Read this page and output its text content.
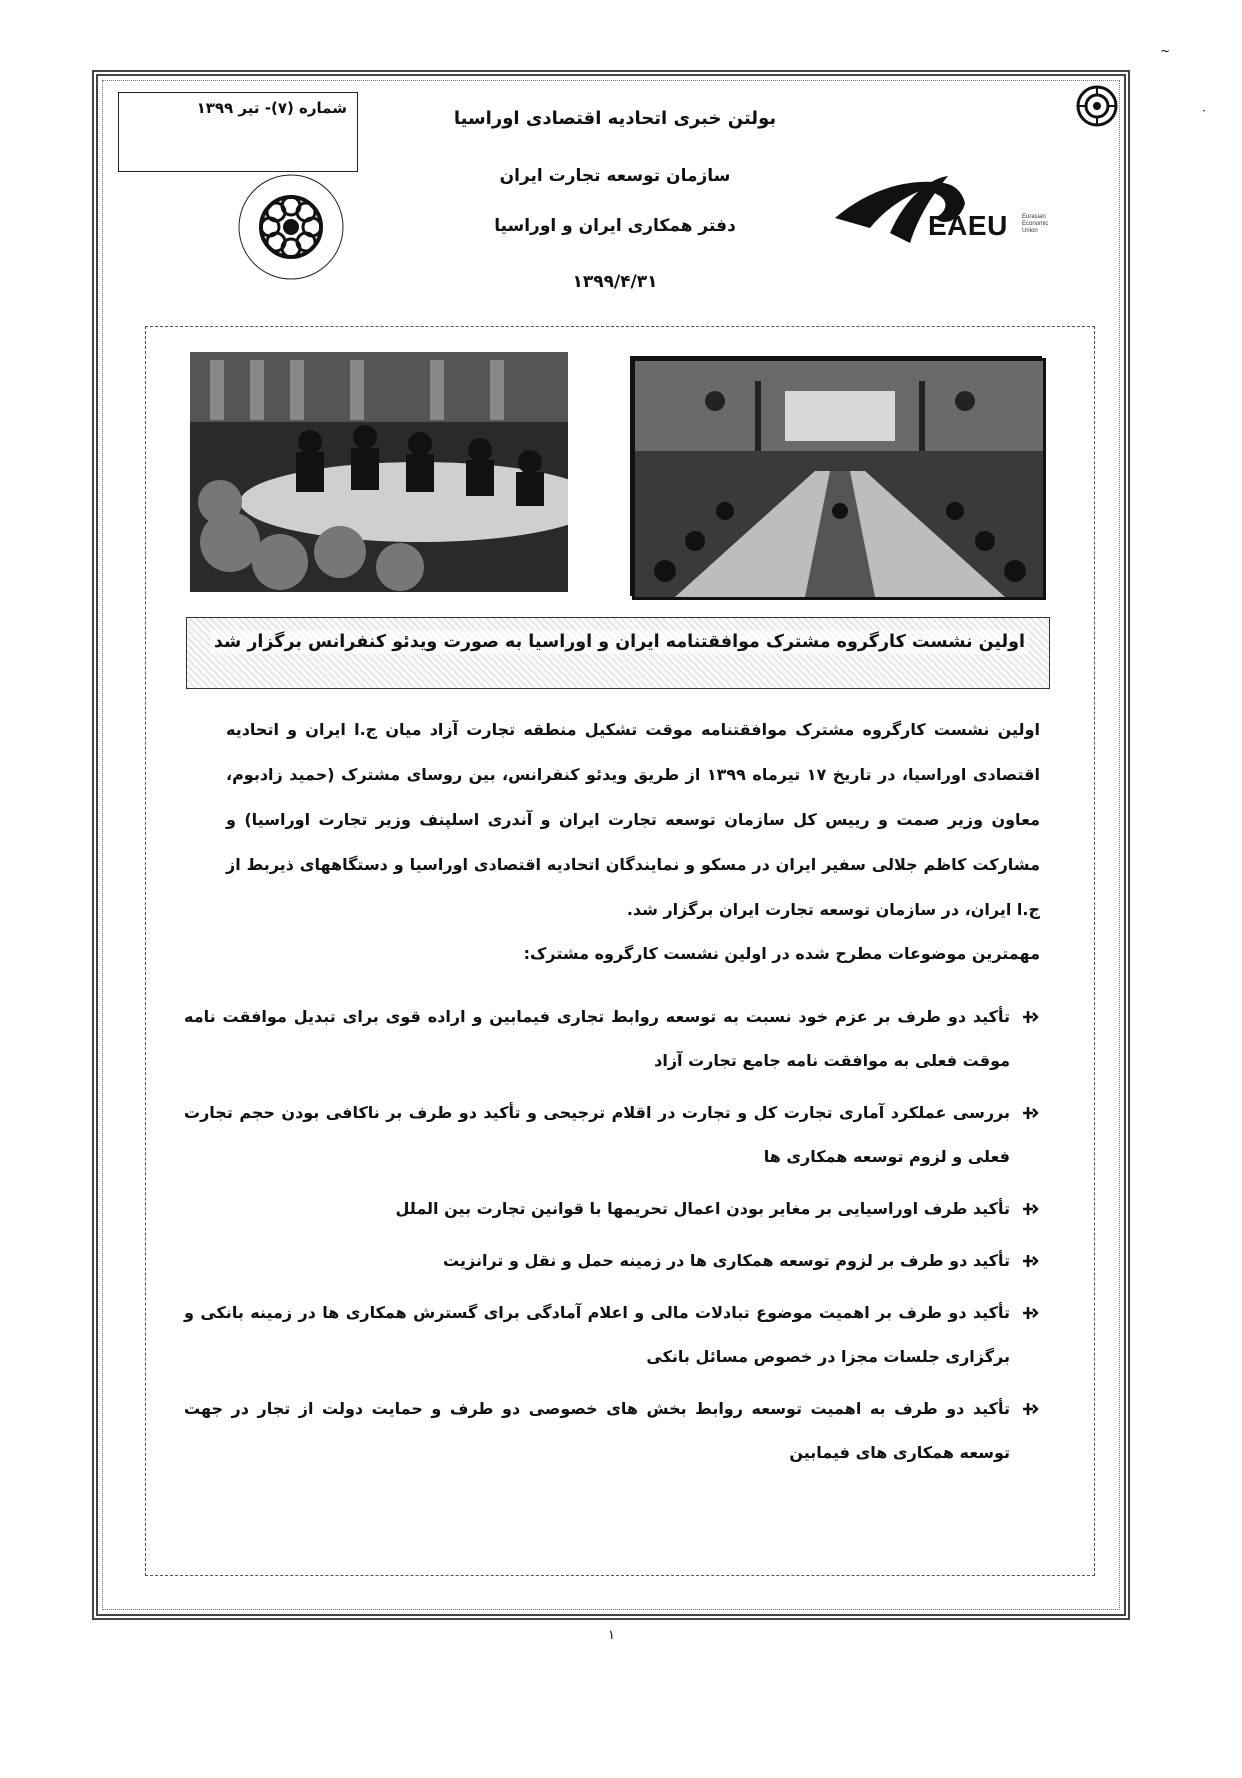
~
·
شماره (۷)- تیر ۱۳۹۹
EAEU Eurasian
Economic
Union
بولتن خبری اتحادیه اقتصادی اوراسیا
سازمان توسعه تجارت ایران
دفتر همکاری ایران و اوراسیا
۱۳۹۹/۴/۳۱
اولین نشست کارگروه مشترک موافقتنامه ایران و اوراسیا به صورت ویدئو کنفرانس برگزار شد
اولین نشست کارگروه مشترک موافقتنامه موقت تشکیل منطقه تجارت آزاد میان ج.ا ایران و اتحادیه اقتصادی اوراسیا، در تاریخ ۱۷ تیرماه ۱۳۹۹ از طریق ویدئو کنفرانس، بین روسای مشترک (حمید زادبوم، معاون وزیر صمت و رییس کل سازمان توسعه تجارت ایران و آندری اسلپنف وزیر تجارت اوراسیا) و مشارکت کاظم جلالی سفیر ایران در مسکو و نمایندگان اتحادیه اقتصادی اوراسیا و دستگاههای ذیربط از ج.ا ایران، در سازمان توسعه تجارت ایران برگزار شد.
مهمترین موضوعات مطرح شده در اولین نشست کارگروه مشترک:
تأکید دو طرف بر عزم خود نسبت به توسعه روابط تجاری فیمابین و اراده قوی برای تبدیل موافقت نامه موقت فعلی به موافقت نامه جامع تجارت آزاد
بررسی عملکرد آماری تجارت کل و تجارت در اقلام ترجیحی و تأکید دو طرف بر ناکافی بودن حجم تجارت فعلی و لزوم توسعه همکاری ها
تأکید طرف اوراسیایی بر مغایر بودن اعمال تحریمها با قوانین تجارت بین الملل
تأکید دو طرف بر لزوم توسعه همکاری ها در زمینه حمل و نقل و ترانزیت
تأکید دو طرف بر اهمیت موضوع تبادلات مالی و اعلام آمادگی برای گسترش همکاری ها در زمینه بانکی و برگزاری جلسات مجزا در خصوص مسائل بانکی
تأکید دو طرف به اهمیت توسعه روابط بخش های خصوصی دو طرف و حمایت دولت از تجار در جهت توسعه همکاری های فیمابین
۱
